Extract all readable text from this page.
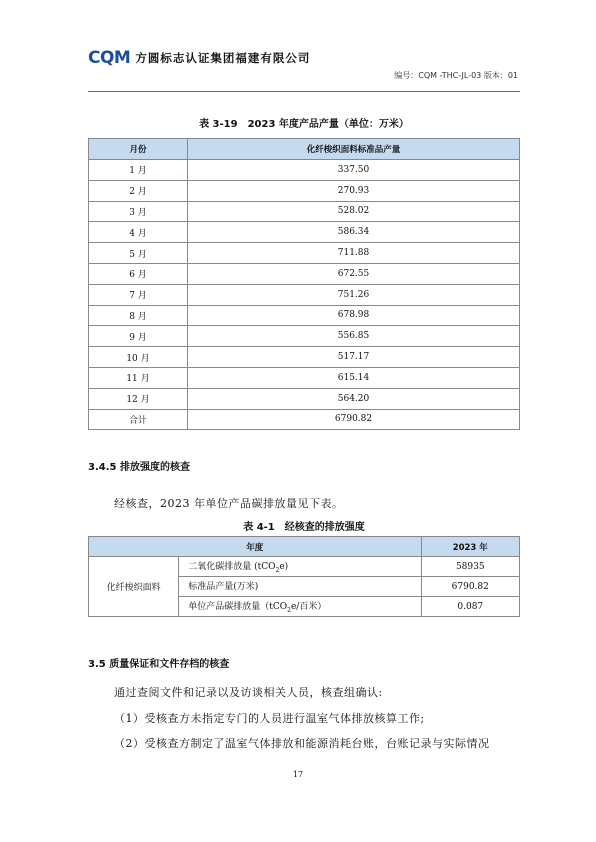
CQM 方圆标志认证集团福建有限公司
编号：CQM -THC-JL-03 版本：01
表 3-19　2023 年度产品产量（单位：万米）
月份	化纤梭织面料标准品产量
1 月	337.50
2 月	270.93
3 月	528.02
4 月	586.34
5 月	711.88
6 月	672.55
7 月	751.26
8 月	678.98
9 月	556.85
10 月	517.17
11 月	615.14
12 月	564.20
合计	6790.82
3.4.5 排放强度的核查
经核查，2023 年单位产品碳排放量见下表。
表 4-1　经核查的排放强度
年度		2023 年
化纤梭织面料	二氧化碳排放量 (tCO$_2$e)	58935
	标准品产量(万米)	6790.82
	单位产品碳排放量（tCO$_2$e/百米）	0.087
3.5 质量保证和文件存档的核查
通过查阅文件和记录以及访谈相关人员，核查组确认:
（1）受核查方未指定专门的人员进行温室气体排放核算工作;
（2）受核查方制定了温室气体排放和能源消耗台账，台账记录与实际情况
17
